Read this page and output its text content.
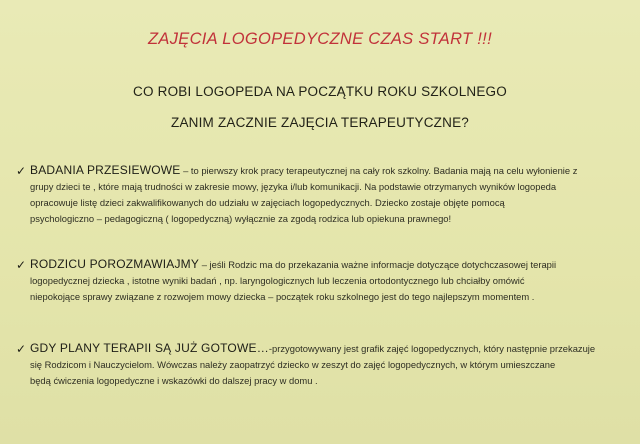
ZAJĘCIA LOGOPEDYCZNE CZAS START !!!
CO ROBI LOGOPEDA NA POCZĄTKU ROKU SZKOLNEGO
ZANIM ZACZNIE ZAJĘCIA TERAPEUTYCZNE?
✓ BADANIA PRZESIEWOWE – to pierwszy krok pracy terapeutycznej na cały rok szkolny. Badania mają na celu wyłonienie z
grupy dzieci te , które mają trudności w zakresie mowy, języka i/lub komunikacji. Na podstawie otrzymanych wyników logopeda
opracowuje listę dzieci zakwalifikowanych do udziału w zajęciach logopedycznych. Dziecko zostaje objęte pomocą
psychologiczno – pedagogiczną ( logopedyczną) wyłącznie za zgodą rodzica lub opiekuna prawnego!
✓ RODZICU POROZMAWIAJMY – jeśli Rodzic ma do przekazania ważne informacje dotyczące dotychczasowej terapii
logopedycznej dziecka , istotne wyniki badań , np. laryngologicznych lub leczenia ortodontycznego lub chciałby omówić
niepokojące sprawy związane z rozwojem mowy dziecka – początek roku szkolnego jest do tego najlepszym momentem .
✓ GDY PLANY TERAPII SĄ JUŻ GOTOWE…-przygotowywany jest grafik zajęć logopedycznych, który następnie przekazuje
się Rodzicom i Nauczycielom. Wówczas należy zaopatrzyć dziecko w zeszyt do zajęć logopedycznych, w którym umieszczane
będą ćwiczenia logopedyczne i wskazówki do dalszej pracy w domu .
